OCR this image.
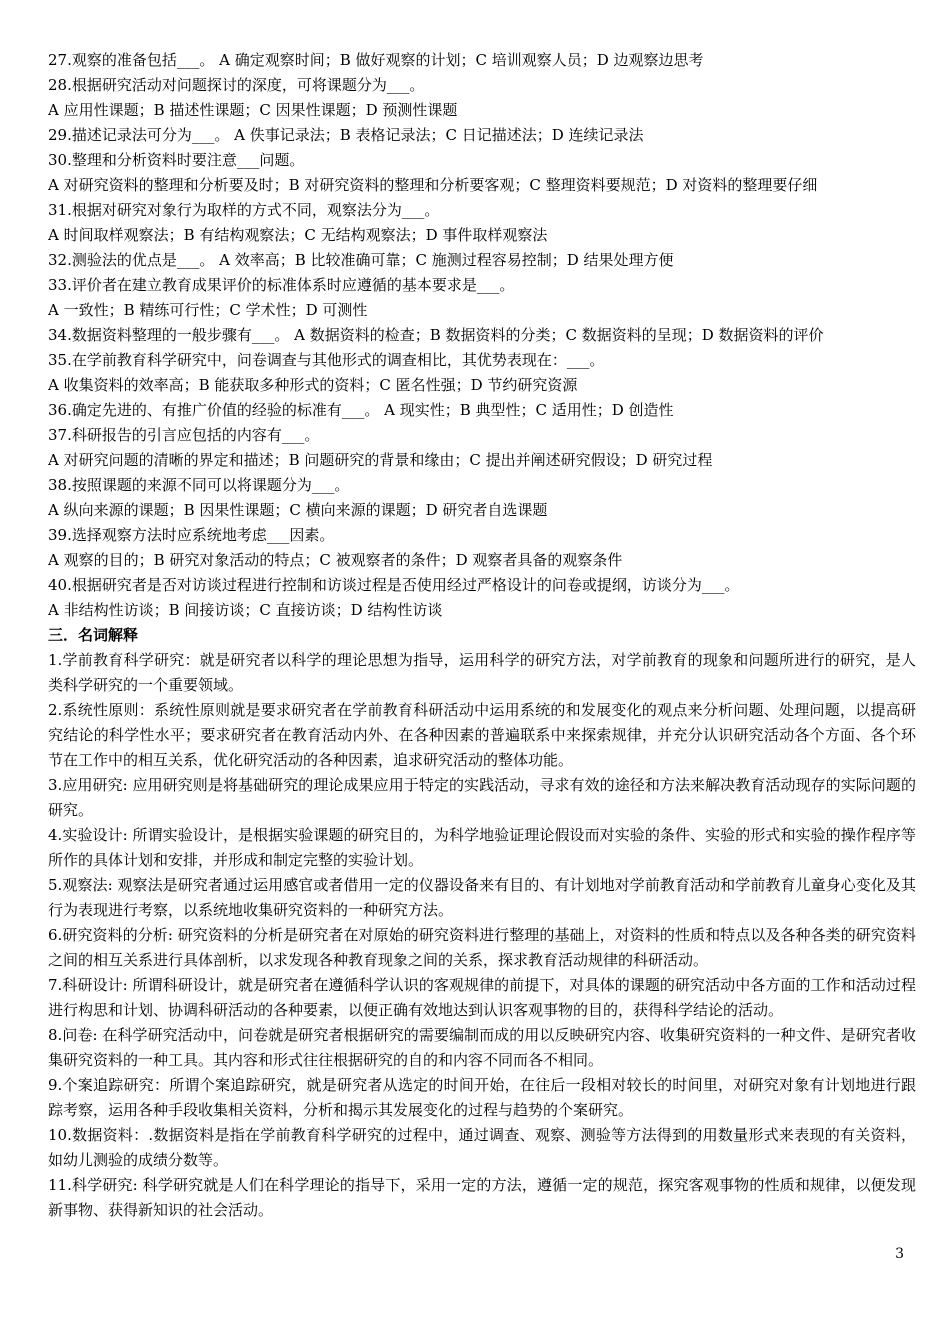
27.观察的准备包括___。 A 确定观察时间；B 做好观察的计划；C 培训观察人员；D 边观察边思考
28.根据研究活动对问题探讨的深度，可将课题分为___。
A 应用性课题；B 描述性课题；C 因果性课题；D 预测性课题
29.描述记录法可分为___。 A 佚事记录法；B 表格记录法；C 日记描述法；D 连续记录法
30.整理和分析资料时要注意___问题。
A 对研究资料的整理和分析要及时；B 对研究资料的整理和分析要客观；C 整理资料要规范；D 对资料的整理要仔细
31.根据对研究对象行为取样的方式不同，观察法分为___。
A 时间取样观察法；B 有结构观察法；C 无结构观察法；D 事件取样观察法
32.测验法的优点是___。 A 效率高；B 比较准确可靠；C 施测过程容易控制；D 结果处理方便
33.评价者在建立教育成果评价的标准体系时应遵循的基本要求是___。
A 一致性；B 精练可行性；C 学术性；D 可测性
34.数据资料整理的一般步骤有___。 A 数据资料的检查；B 数据资料的分类；C 数据资料的呈现；D 数据资料的评价
35.在学前教育科学研究中，问卷调查与其他形式的调查相比，其优势表现在：___。
A 收集资料的效率高；B 能获取多种形式的资料；C 匿名性强；D 节约研究资源
36.确定先进的、有推广价值的经验的标准有___。 A 现实性；B 典型性；C 适用性；D 创造性
37.科研报告的引言应包括的内容有___。
A 对研究问题的清晰的界定和描述；B 问题研究的背景和缘由；C 提出并阐述研究假设；D 研究过程
38.按照课题的来源不同可以将课题分为___。
A 纵向来源的课题；B 因果性课题；C 横向来源的课题；D 研究者自选课题
39.选择观察方法时应系统地考虑___因素。
A 观察的目的；B 研究对象活动的特点；C 被观察者的条件；D 观察者具备的观察条件
40.根据研究者是否对访谈过程进行控制和访谈过程是否使用经过严格设计的问卷或提纲，访谈分为___。
A 非结构性访谈；B 间接访谈；C 直接访谈；D 结构性访谈
三．名词解释
1.学前教育科学研究：就是研究者以科学的理论思想为指导，运用科学的研究方法，对学前教育的现象和问题所进行的研究，是人类科学研究的一个重要领域。
2.系统性原则：系统性原则就是要求研究者在学前教育科研活动中运用系统的和发展变化的观点来分析问题、处理问题，以提高研究结论的科学性水平；要求研究者在教育活动内外、在各种因素的普遍联系中来探索规律，并充分认识研究活动各个方面、各个环节在工作中的相互关系，优化研究活动的各种因素，追求研究活动的整体功能。
3.应用研究: 应用研究则是将基础研究的理论成果应用于特定的实践活动，寻求有效的途径和方法来解决教育活动现存的实际问题的研究。
4.实验设计: 所谓实验设计，是根据实验课题的研究目的，为科学地验证理论假设而对实验的条件、实验的形式和实验的操作程序等所作的具体计划和安排，并形成和制定完整的实验计划。
5.观察法: 观察法是研究者通过运用感官或者借用一定的仪器设备来有目的、有计划地对学前教育活动和学前教育儿童身心变化及其行为表现进行考察，以系统地收集研究资料的一种研究方法。
6.研究资料的分析: 研究资料的分析是研究者在对原始的研究资料进行整理的基础上，对资料的性质和特点以及各种各类的研究资料之间的相互关系进行具体剖析，以求发现各种教育现象之间的关系，探求教育活动规律的科研活动。
7.科研设计: 所谓科研设计，就是研究者在遵循科学认识的客观规律的前提下，对具体的课题的研究活动中各方面的工作和活动过程进行构思和计划、协调科研活动的各种要素，以便正确有效地达到认识客观事物的目的，获得科学结论的活动。
8.问卷: 在科学研究活动中，问卷就是研究者根据研究的需要编制而成的用以反映研究内容、收集研究资料的一种文件、是研究者收集研究资料的一种工具。其内容和形式往往根据研究的自的和内容不同而各不相同。
9.个案追踪研究：所谓个案追踪研究，就是研究者从选定的时间开始，在往后一段相对较长的时间里，对研究对象有计划地进行跟踪考察，运用各种手段收集相关资料，分析和揭示其发展变化的过程与趋势的个案研究。
10.数据资料：.数据资料是指在学前教育科学研究的过程中，通过调查、观察、测验等方法得到的用数量形式来表现的有关资料，如幼儿测验的成绩分数等。
11.科学研究: 科学研究就是人们在科学理论的指导下，采用一定的方法，遵循一定的规范，探究客观事物的性质和规律，以便发现新事物、获得新知识的社会活动。
3
